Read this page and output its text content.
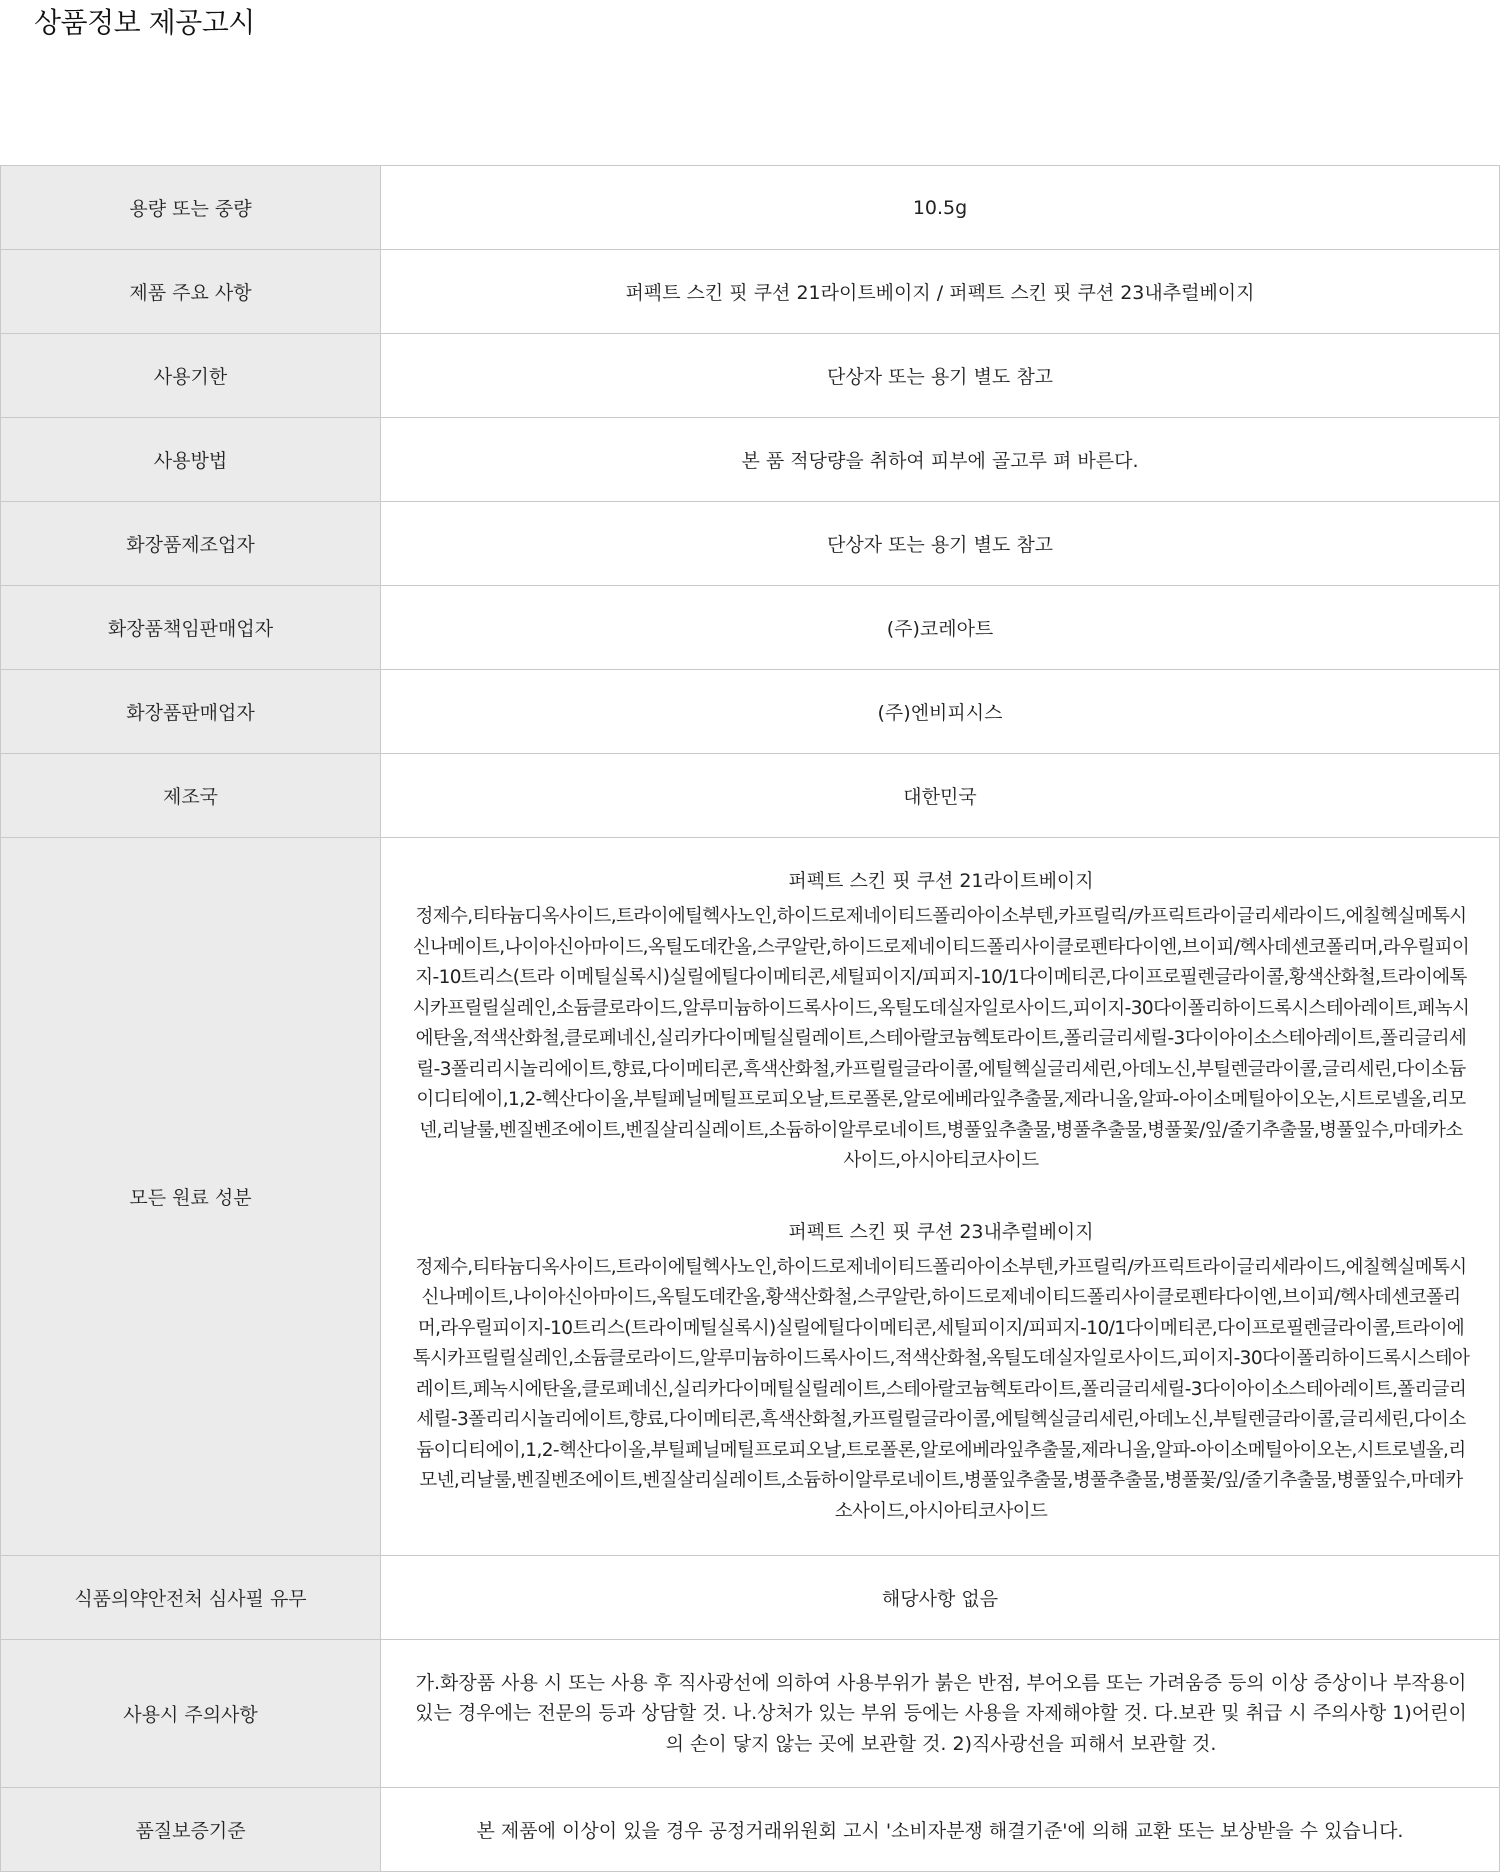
상품정보 제공고시
용량 또는 중량	10.5g
제품 주요 사항	퍼펙트 스킨 핏 쿠션 21라이트베이지 / 퍼펙트 스킨 핏 쿠션 23내추럴베이지
사용기한	단상자 또는 용기 별도 참고
사용방법	본 품 적당량을 취하여 피부에 골고루 펴 바른다.
화장품제조업자	단상자 또는 용기 별도 참고
화장품책임판매업자	(주)코레아트
화장품판매업자	(주)엔비피시스
제조국	대한민국
모든 원료 성분	퍼펙트 스킨 핏 쿠션 21라이트베이지
정제수,티타늄디옥사이드,트라이에틸헥사노인,하이드로제네이티드폴리아이소부텐,카프릴릭/카프릭트라이글리세라이드,에칠헥실메톡시신나메이트,나이아신아마이드,옥틸도데칸올,스쿠알란,하이드로제네이티드폴리사이클로펜타다이엔,브이피/헥사데센코폴리머,라우릴피이지-10트리스(트라 이메틸실록시)실릴에틸다이메티콘,세틸피이지/피피지-10/1다이메티콘,다이프로필렌글라이콜,황색산화철,트라이에톡시카프릴릴실레인,소듐클로라이드,알루미늄하이드록사이드,옥틸도데실자일로사이드,피이지-30다이폴리하이드록시스테아레이트,페녹시에탄올,적색산화철,클로페네신,실리카다이메틸실릴레이트,스테아랄코늄헥토라이트,폴리글리세릴-3다이아이소스테아레이트,폴리글리세릴-3폴리리시놀리에이트,향료,다이메티콘,흑색산화철,카프릴릴글라이콜,에틸헥실글리세린,아데노신,부틸렌글라이콜,글리세린,다이소듐이디티에이,1,2-헥산다이올,부틸페닐메틸프로피오날,트로폴론,알로에베라잎추출물,제라니올,알파-아이소메틸아이오논,시트로넬올,리모넨,리날룰,벤질벤조에이트,벤질살리실레이트,소듐하이알루로네이트,병풀잎추출물,병풀추출물,병풀꽃/잎/줄기추출물,병풀잎수,마데카소사이드,아시아티코사이드
퍼펙트 스킨 핏 쿠션 23내추럴베이지
정제수,티타늄디옥사이드,트라이에틸헥사노인,하이드로제네이티드폴리아이소부텐,카프릴릭/카프릭트라이글리세라이드,에칠헥실메톡시신나메이트,나이아신아마이드,옥틸도데칸올,황색산화철,스쿠알란,하이드로제네이티드폴리사이클로펜타다이엔,브이피/헥사데센코폴리머,라우릴피이지-10트리스(트라이메틸실록시)실릴에틸다이메티콘,세틸피이지/피피지-10/1다이메티콘,다이프로필렌글라이콜,트라이에톡시카프릴릴실레인,소듐클로라이드,알루미늄하이드록사이드,적색산화철,옥틸도데실자일로사이드,피이지-30다이폴리하이드록시스테아레이트,페녹시에탄올,클로페네신,실리카다이메틸실릴레이트,스테아랄코늄헥토라이트,폴리글리세릴-3다이아이소스테아레이트,폴리글리세릴-3폴리리시놀리에이트,향료,다이메티콘,흑색산화철,카프릴릴글라이콜,에틸헥실글리세린,아데노신,부틸렌글라이콜,글리세린,다이소듐이디티에이,1,2-헥산다이올,부틸페닐메틸프로피오날,트로폴론,알로에베라잎추출물,제라니올,알파-아이소메틸아이오논,시트로넬올,리모넨,리날룰,벤질벤조에이트,벤질살리실레이트,소듐하이알루로네이트,병풀잎추출물,병풀추출물,병풀꽃/잎/줄기추출물,병풀잎수,마데카소사이드,아시아티코사이드

식품의약안전처 심사필 유무	해당사항 없음
사용시 주의사항	가.화장품 사용 시 또는 사용 후 직사광선에 의하여 사용부위가 붉은 반점, 부어오름 또는 가려움증 등의 이상 증상이나 부작용이 있는 경우에는 전문의 등과 상담할 것. 나.상처가 있는 부위 등에는 사용을 자제해야할 것. 다.보관 및 취급 시 주의사항 1)어린이의 손이 닿지 않는 곳에 보관할 것. 2)직사광선을 피해서 보관할 것.

품질보증기준	본 제품에 이상이 있을 경우 공정거래위원회 고시 '소비자분쟁 해결기준'에 의해 교환 또는 보상받을 수 있습니다.
